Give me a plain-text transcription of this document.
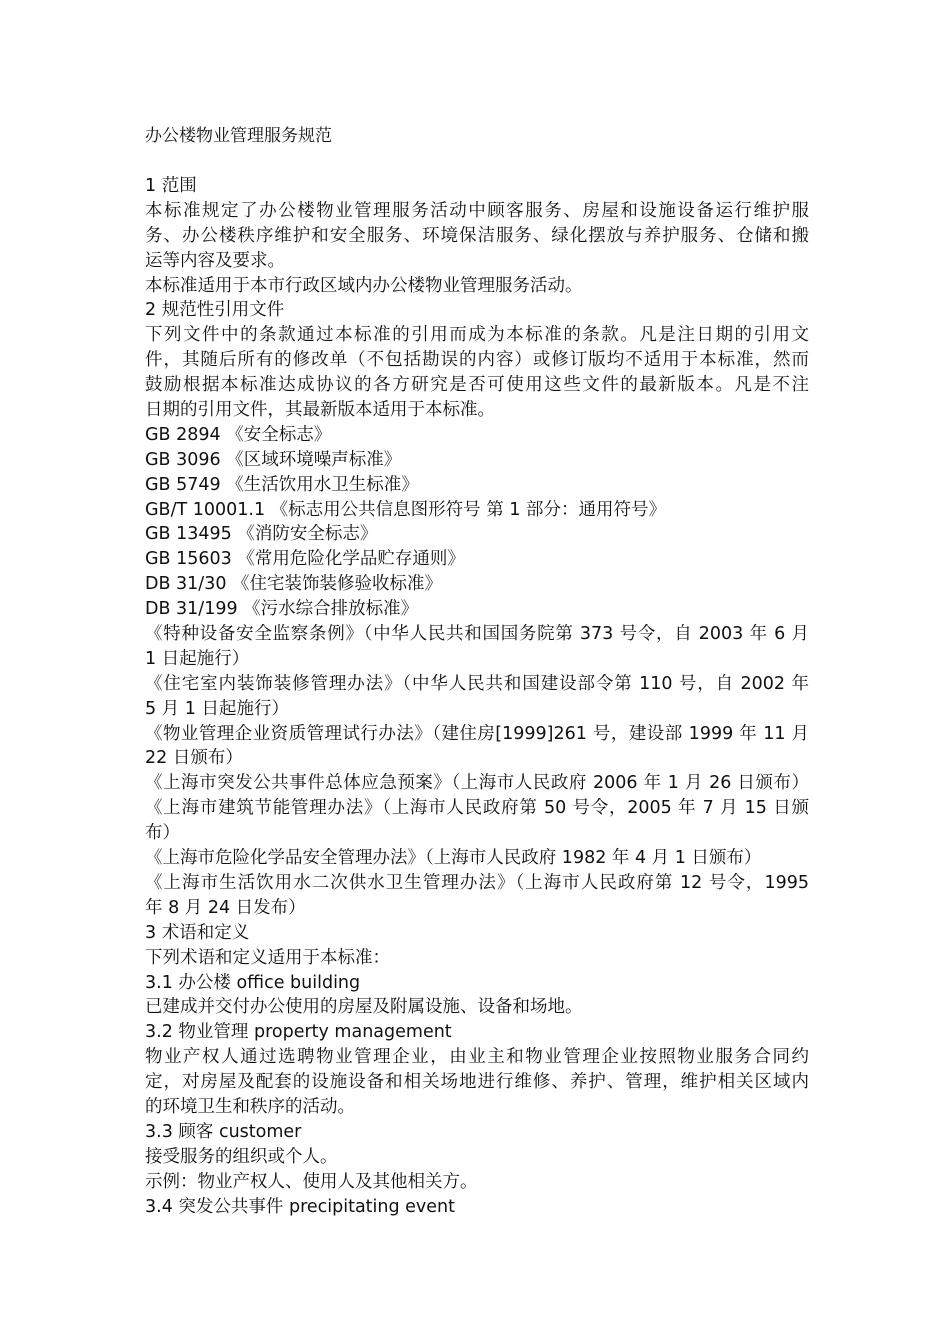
办公楼物业管理服务规范
1 范围
本标准规定了办公楼物业管理服务活动中顾客服务、房屋和设施设备运行维护服
务、办公楼秩序维护和安全服务、环境保洁服务、绿化摆放与养护服务、仓储和搬
运等内容及要求。
本标准适用于本市行政区域内办公楼物业管理服务活动。
2 规范性引用文件
下列文件中的条款通过本标准的引用而成为本标准的条款。凡是注日期的引用文
件，其随后所有的修改单（不包括勘误的内容）或修订版均不适用于本标准，然而
鼓励根据本标准达成协议的各方研究是否可使用这些文件的最新版本。凡是不注
日期的引用文件，其最新版本适用于本标准。
GB 2894 《安全标志》
GB 3096 《区域环境噪声标准》
GB 5749 《生活饮用水卫生标准》
GB/T 10001.1 《标志用公共信息图形符号 第 1 部分：通用符号》
GB 13495 《消防安全标志》
GB 15603 《常用危险化学品贮存通则》
DB 31/30 《住宅装饰装修验收标准》
DB 31/199 《污水综合排放标准》
《特种设备安全监察条例》（中华人民共和国国务院第 373 号令，自 2003 年 6 月
1 日起施行）
《住宅室内装饰装修管理办法》（中华人民共和国建设部令第 110 号，自 2002 年
5 月 1 日起施行）
《物业管理企业资质管理试行办法》（建住房[1999]261 号，建设部 1999 年 11 月
22 日颁布）
《上海市突发公共事件总体应急预案》（上海市人民政府 2006 年 1 月 26 日颁布）
《上海市建筑节能管理办法》（上海市人民政府第 50 号令，2005 年 7 月 15 日颁
布）
《上海市危险化学品安全管理办法》（上海市人民政府 1982 年 4 月 1 日颁布）
《上海市生活饮用水二次供水卫生管理办法》（上海市人民政府第 12 号令，1995
年 8 月 24 日发布）
3 术语和定义
下列术语和定义适用于本标准：
3.1 办公楼 office building
已建成并交付办公使用的房屋及附属设施、设备和场地。
3.2 物业管理 property management
物业产权人通过选聘物业管理企业，由业主和物业管理企业按照物业服务合同约
定，对房屋及配套的设施设备和相关场地进行维修、养护、管理，维护相关区域内
的环境卫生和秩序的活动。
3.3 顾客 customer
接受服务的组织或个人。
示例：物业产权人、使用人及其他相关方。
3.4 突发公共事件 precipitating event
